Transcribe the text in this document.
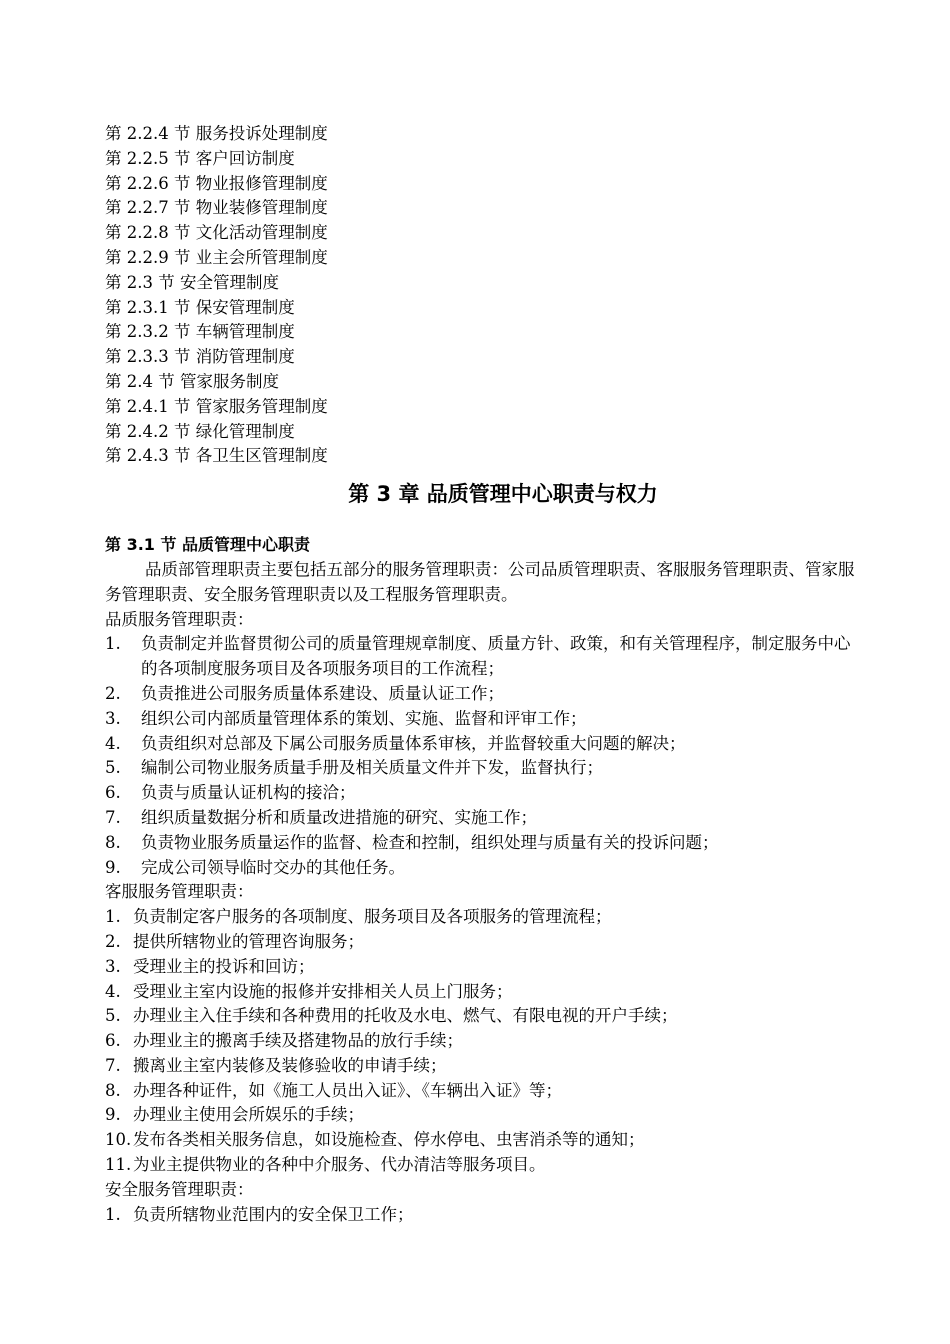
第 2.2.4 节 服务投诉处理制度
第 2.2.5 节 客户回访制度
第 2.2.6 节 物业报修管理制度
第 2.2.7 节 物业装修管理制度
第 2.2.8 节 文化活动管理制度
第 2.2.9 节 业主会所管理制度
第 2.3 节 安全管理制度
第 2.3.1 节 保安管理制度
第 2.3.2 节 车辆管理制度
第 2.3.3 节 消防管理制度
第 2.4 节 管家服务制度
第 2.4.1 节 管家服务管理制度
第 2.4.2 节 绿化管理制度
第 2.4.3 节 各卫生区管理制度
第 3 章 品质管理中心职责与权力
第 3.1 节 品质管理中心职责
品质部管理职责主要包括五部分的服务管理职责：公司品质管理职责、客服服务管理职责、管家服务管理职责、安全服务管理职责以及工程服务管理职责。
品质服务管理职责：
1.	负责制定并监督贯彻公司的质量管理规章制度、质量方针、政策，和有关管理程序，制定服务中心的各项制度服务项目及各项服务项目的工作流程；
2.	负责推进公司服务质量体系建设、质量认证工作；
3.	组织公司内部质量管理体系的策划、实施、监督和评审工作；
4.	负责组织对总部及下属公司服务质量体系审核，并监督较重大问题的解决；
5.	编制公司物业服务质量手册及相关质量文件并下发，监督执行；
6.	负责与质量认证机构的接洽；
7.	组织质量数据分析和质量改进措施的研究、实施工作；
8.	负责物业服务质量运作的监督、检查和控制，组织处理与质量有关的投诉问题；
9.	完成公司领导临时交办的其他任务。
客服服务管理职责：
1. 负责制定客户服务的各项制度、服务项目及各项服务的管理流程；
2. 提供所辖物业的管理咨询服务；
3. 受理业主的投诉和回访；
4. 受理业主室内设施的报修并安排相关人员上门服务；
5. 办理业主入住手续和各种费用的托收及水电、燃气、有限电视的开户手续；
6. 办理业主的搬离手续及搭建物品的放行手续；
7. 搬离业主室内装修及装修验收的申请手续；
8. 办理各种证件，如《施工人员出入证》、《车辆出入证》等；
9. 办理业主使用会所娱乐的手续；
10. 发布各类相关服务信息，如设施检查、停水停电、虫害消杀等的通知；
11. 为业主提供物业的各种中介服务、代办清洁等服务项目。
安全服务管理职责：
1. 负责所辖物业范围内的安全保卫工作；
